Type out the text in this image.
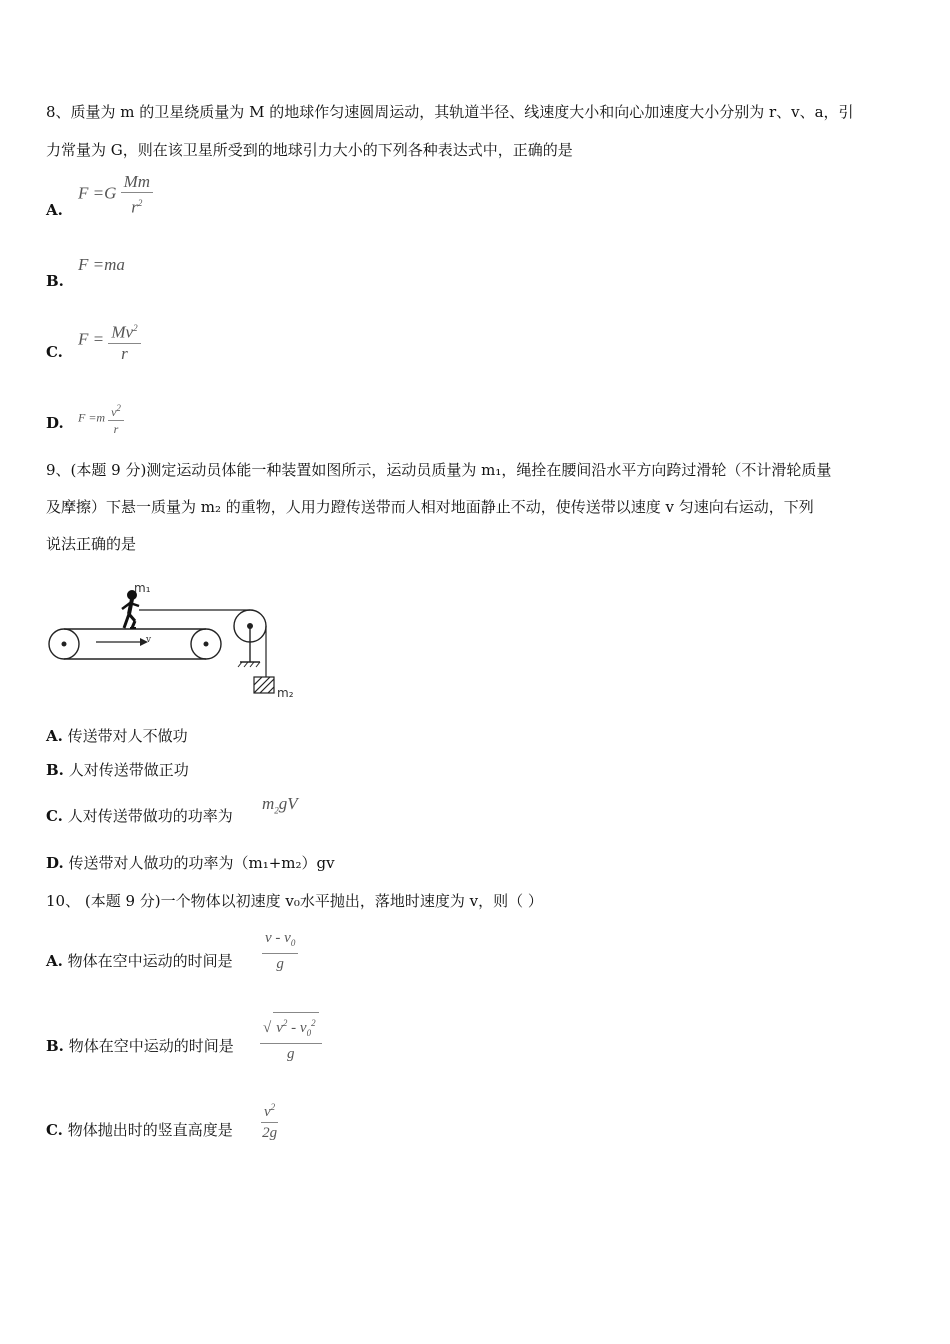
8、质量为 m 的卫星绕质量为 M 的地球作匀速圆周运动，其轨道半径、线速度大小和向心加速度大小分别为 r、v、a，引
力常量为 G，则在该卫星所受到的地球引力大小的下列各种表达式中，正确的是
A.
$F =G \frac{Mm}{r^2}$
B.
F =ma
C.
$F = \frac{Mv^2}{r}$
D. $F =m \frac{v^2}{r}$
9、(本题 9 分)测定运动员体能一种装置如图所示，运动员质量为 m₁，绳拴在腰间沿水平方向跨过滑轮（不计滑轮质量
及摩擦）下悬一质量为 m₂ 的重物，人用力蹬传送带而人相对地面静止不动，使传送带以速度 v 匀速向右运动，下列
说法正确的是
v
m₁
m₂
A. 传送带对人不做功
B. 人对传送带做正功
C. 人对传送带做功的功率为
$m_2gV$
D. 传送带对人做功的功率为（m₁+m₂）gv
10、 (本题 9 分)一个物体以初速度 v₀水平抛出，落地时速度为 v，则（ ）
A. 物体在空中运动的时间是 $\frac{v - v_0}{g}$
B. 物体在空中运动的时间是 $\frac{√ v^2 - v_0^2}{g}$
C. 物体抛出时的竖直高度是 $\frac{v^2}{2g}$
